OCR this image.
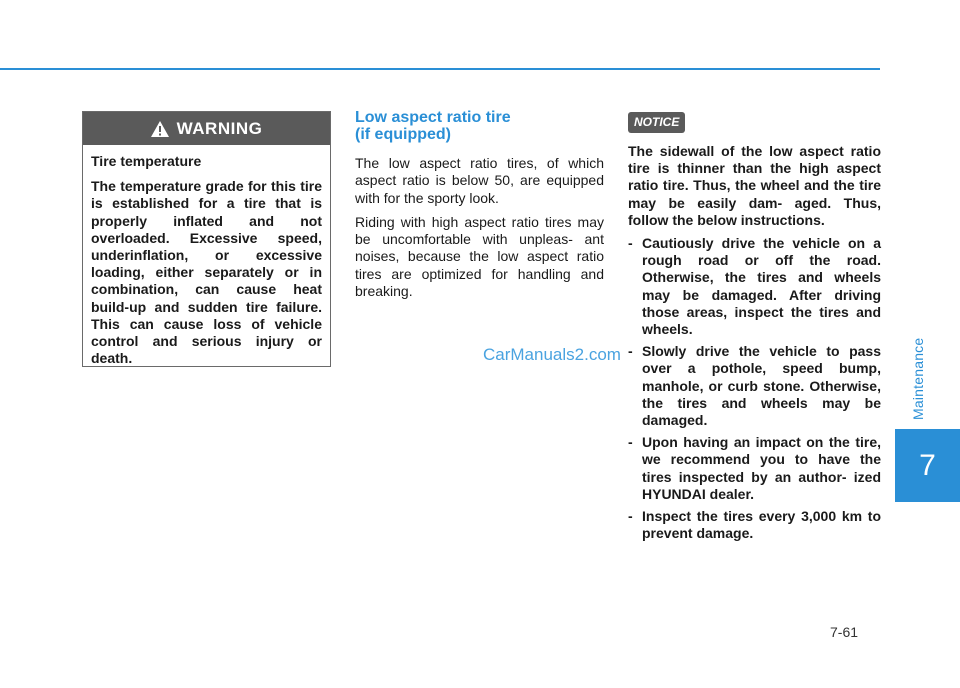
Maintenance
7
WARNING

Tire temperature

The temperature grade for this tire is established for a tire that is properly inflated and not overloaded. Excessive speed, underinflation, or excessive loading, either separately or in combination, can cause heat build-up and sudden tire failure. This can cause loss of vehicle control and serious injury or death.

Low aspect ratio tire
(if equipped)

The low aspect ratio tires, of which aspect ratio is below 50, are equipped with for the sporty look.

Riding with high aspect ratio tires may be uncomfortable with unpleas- ant noises, because the low aspect ratio tires are optimized for handling and breaking.

CarManuals2.com
NOTICE

The sidewall of the low aspect ratio tire is thinner than the high aspect ratio tire. Thus, the wheel and the tire may be easily dam- aged. Thus, follow the below instructions.

- Cautiously drive the vehicle on a rough road or off the road. Otherwise, the tires and wheels may be damaged. After driving those areas, inspect the tires and wheels.
- Slowly drive the vehicle to pass over a pothole, speed bump, manhole, or curb stone. Otherwise, the tires and wheels may be damaged.
- Upon having an impact on the tire, we recommend you to have the tires inspected by an author- ized HYUNDAI dealer.
- Inspect the tires every 3,000 km to prevent damage.
7-61
